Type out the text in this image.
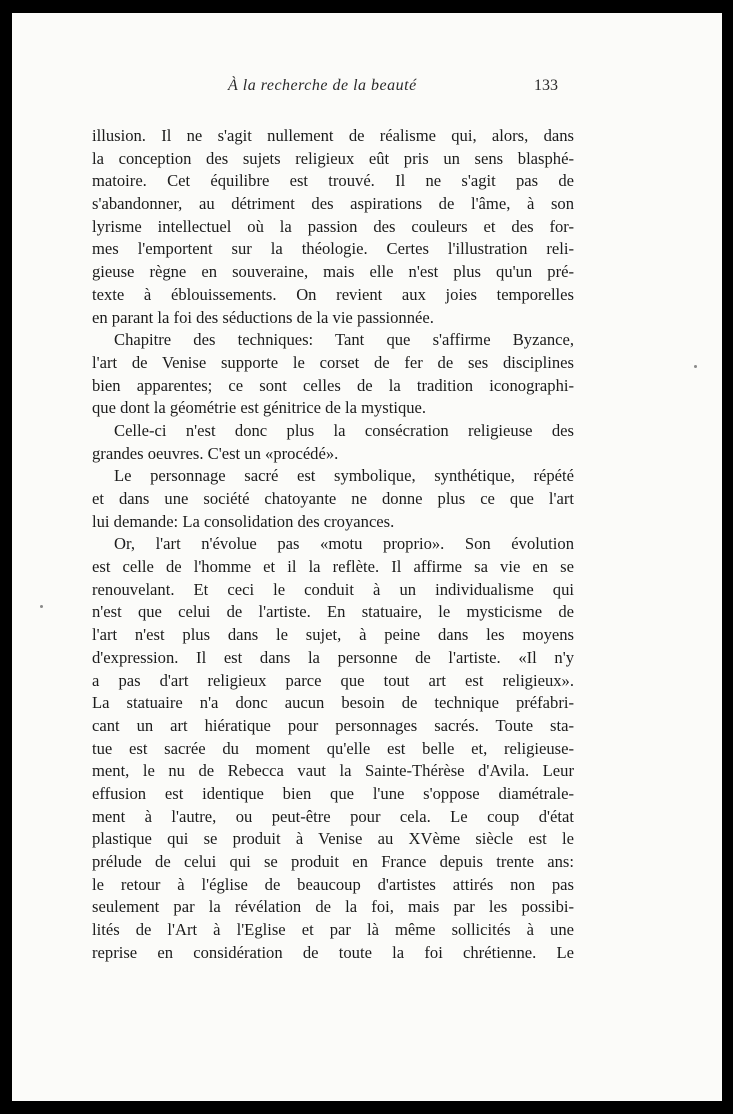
À la recherche de la beauté	133
illusion. Il ne s'agit nullement de réalisme qui, alors, dans
la conception des sujets religieux eût pris un sens blasphé-
matoire. Cet équilibre est trouvé. Il ne s'agit pas de
s'abandonner, au détriment des aspirations de l'âme, à son
lyrisme intellectuel où la passion des couleurs et des for-
mes l'emportent sur la théologie. Certes l'illustration reli-
gieuse règne en souveraine, mais elle n'est plus qu'un pré-
texte à éblouissements. On revient aux joies temporelles
en parant la foi des séductions de la vie passionnée.
Chapitre des techniques: Tant que s'affirme Byzance,
l'art de Venise supporte le corset de fer de ses disciplines
bien apparentes; ce sont celles de la tradition iconographi-
que dont la géométrie est génitrice de la mystique.
Celle-ci n'est donc plus la consécration religieuse des
grandes oeuvres. C'est un «procédé».
Le personnage sacré est symbolique, synthétique, répété
et dans une société chatoyante ne donne plus ce que l'art
lui demande: La consolidation des croyances.
Or, l'art n'évolue pas «motu proprio». Son évolution
est celle de l'homme et il la reflète. Il affirme sa vie en se
renouvelant. Et ceci le conduit à un individualisme qui
n'est que celui de l'artiste. En statuaire, le mysticisme de
l'art n'est plus dans le sujet, à peine dans les moyens
d'expression. Il est dans la personne de l'artiste. «Il n'y
a pas d'art religieux parce que tout art est religieux».
La statuaire n'a donc aucun besoin de technique préfabri-
cant un art hiératique pour personnages sacrés. Toute sta-
tue est sacrée du moment qu'elle est belle et, religieuse-
ment, le nu de Rebecca vaut la Sainte-Thérèse d'Avila. Leur
effusion est identique bien que l'une s'oppose diamétrale-
ment à l'autre, ou peut-être pour cela. Le coup d'état
plastique qui se produit à Venise au XVème siècle est le
prélude de celui qui se produit en France depuis trente ans:
le retour à l'église de beaucoup d'artistes attirés non pas
seulement par la révélation de la foi, mais par les possibi-
lités de l'Art à l'Eglise et par là même sollicités à une
reprise en considération de toute la foi chrétienne. Le
